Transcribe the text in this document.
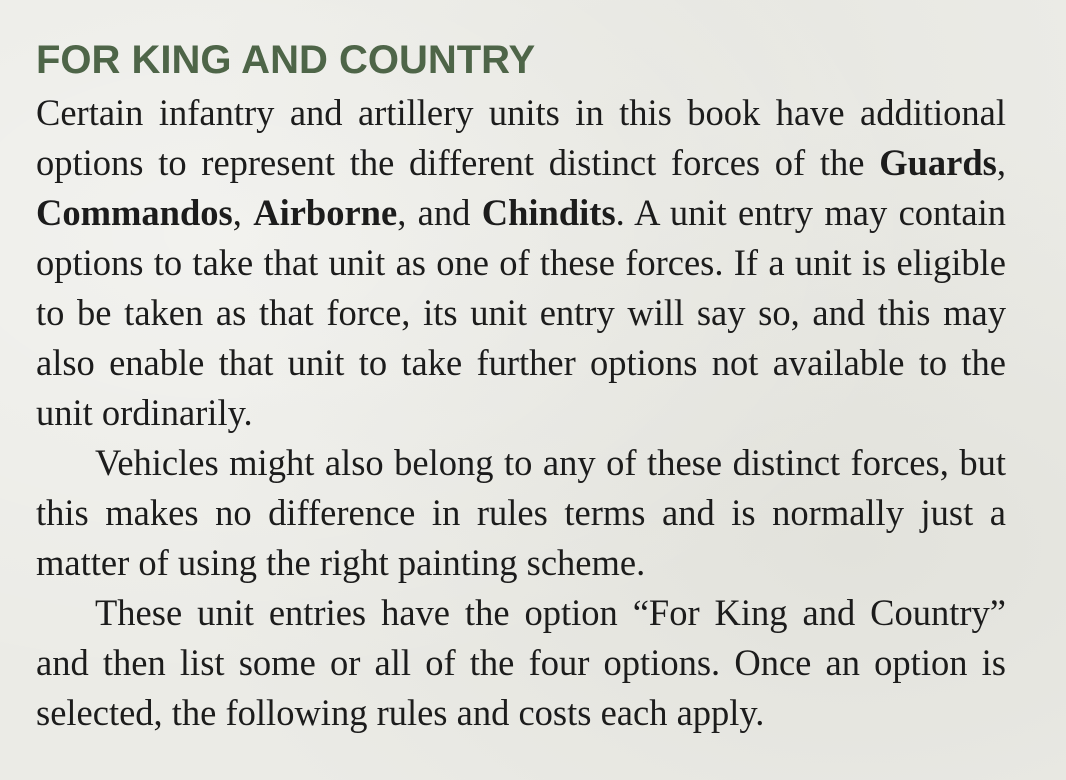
FOR KING AND COUNTRY

Certain infantry and artillery units in this book have additional options to represent the different distinct forces of the Guards, Commandos, Airborne, and Chindits. A unit entry may contain options to take that unit as one of these forces. If a unit is eligible to be taken as that force, its unit entry will say so, and this may also enable that unit to take further options not available to the unit ordinarily.

Vehicles might also belong to any of these distinct forces, but this makes no difference in rules terms and is normally just a matter of using the right painting scheme.

These unit entries have the option “For King and Country” and then list some or all of the four options. Once an option is selected, the following rules and costs each apply.
